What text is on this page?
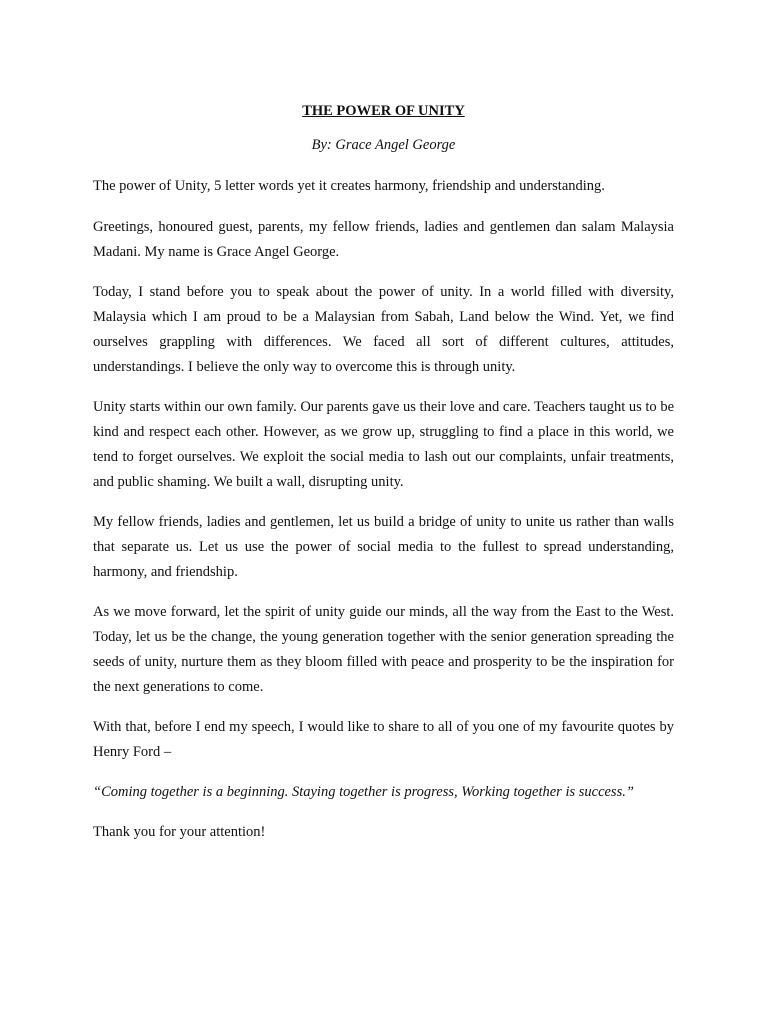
THE POWER OF UNITY
By: Grace Angel George

The power of Unity, 5 letter words yet it creates harmony, friendship and understanding.

Greetings, honoured guest, parents, my fellow friends, ladies and gentlemen dan salam Malaysia Madani. My name is Grace Angel George.

Today, I stand before you to speak about the power of unity. In a world filled with diversity, Malaysia which I am proud to be a Malaysian from Sabah, Land below the Wind. Yet, we find ourselves grappling with differences. We faced all sort of different cultures, attitudes, understandings. I believe the only way to overcome this is through unity.

Unity starts within our own family. Our parents gave us their love and care. Teachers taught us to be kind and respect each other. However, as we grow up, struggling to find a place in this world, we tend to forget ourselves. We exploit the social media to lash out our complaints, unfair treatments, and public shaming. We built a wall, disrupting unity.

My fellow friends, ladies and gentlemen, let us build a bridge of unity to unite us rather than walls that separate us. Let us use the power of social media to the fullest to spread understanding, harmony, and friendship.

As we move forward, let the spirit of unity guide our minds, all the way from the East to the West. Today, let us be the change, the young generation together with the senior generation spreading the seeds of unity, nurture them as they bloom filled with peace and prosperity to be the inspiration for the next generations to come.

With that, before I end my speech, I would like to share to all of you one of my favourite quotes by Henry Ford –

“Coming together is a beginning. Staying together is progress, Working together is success.”

Thank you for your attention!
